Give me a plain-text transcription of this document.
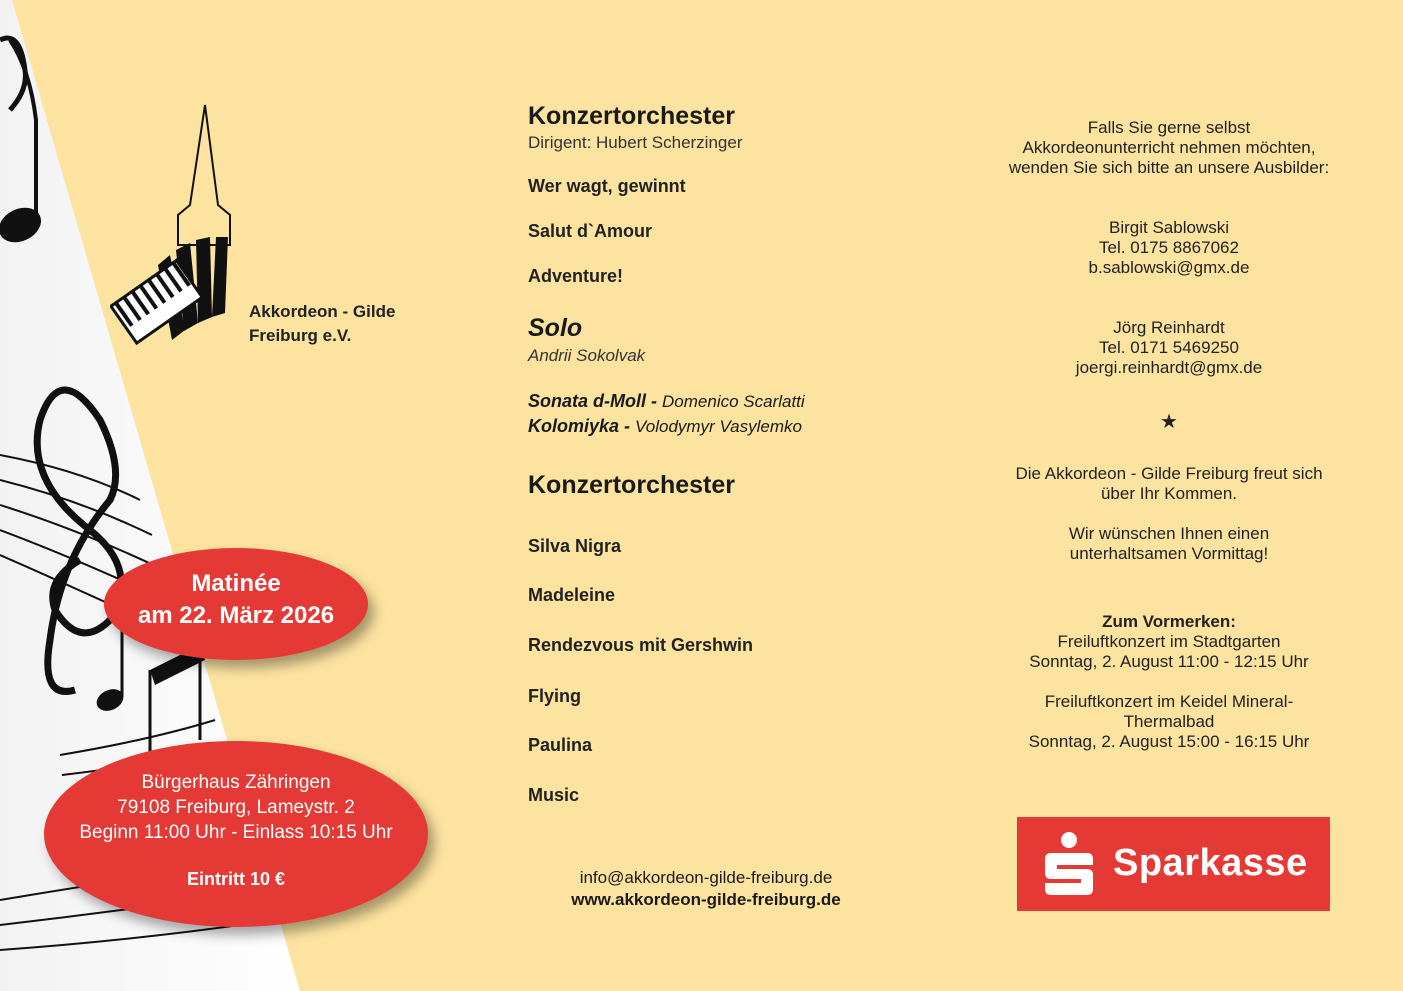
Akkordeon - Gilde
Freiburg e.V.
Matinée
am 22. März 2026
Bürgerhaus Zähringen
79108 Freiburg, Lameystr. 2
Beginn 11:00 Uhr - Einlass 10:15 Uhr
Eintritt 10 €
Konzertorchester
Dirigent: Hubert Scherzinger
Wer wagt, gewinnt
Salut d`Amour
Adventure!
Solo
Andrii Sokolvak
Sonata d-Moll - Domenico Scarlatti
Kolomiyka - Volodymyr Vasylemko
Konzertorchester
Silva Nigra
Madeleine
Rendezvous mit Gershwin
Flying
Paulina
Music
info@akkordeon-gilde-freiburg.de
www.akkordeon-gilde-freiburg.de
Falls Sie gerne selbst
Akkordeonunterricht nehmen möchten,
wenden Sie sich bitte an unsere Ausbilder:
Birgit Sablowski
Tel. 0175 8867062
b.sablowski@gmx.de
Jörg Reinhardt
Tel. 0171 5469250
joergi.reinhardt@gmx.de
★
Die Akkordeon - Gilde Freiburg freut sich
über Ihr Kommen.
Wir wünschen Ihnen einen
unterhaltsamen Vormittag!
Zum Vormerken:
Freiluftkonzert im Stadtgarten
Sonntag, 2. August 11:00 - 12:15 Uhr
Freiluftkonzert im Keidel Mineral-
Thermalbad
Sonntag, 2. August 15:00 - 16:15 Uhr
Sparkasse
